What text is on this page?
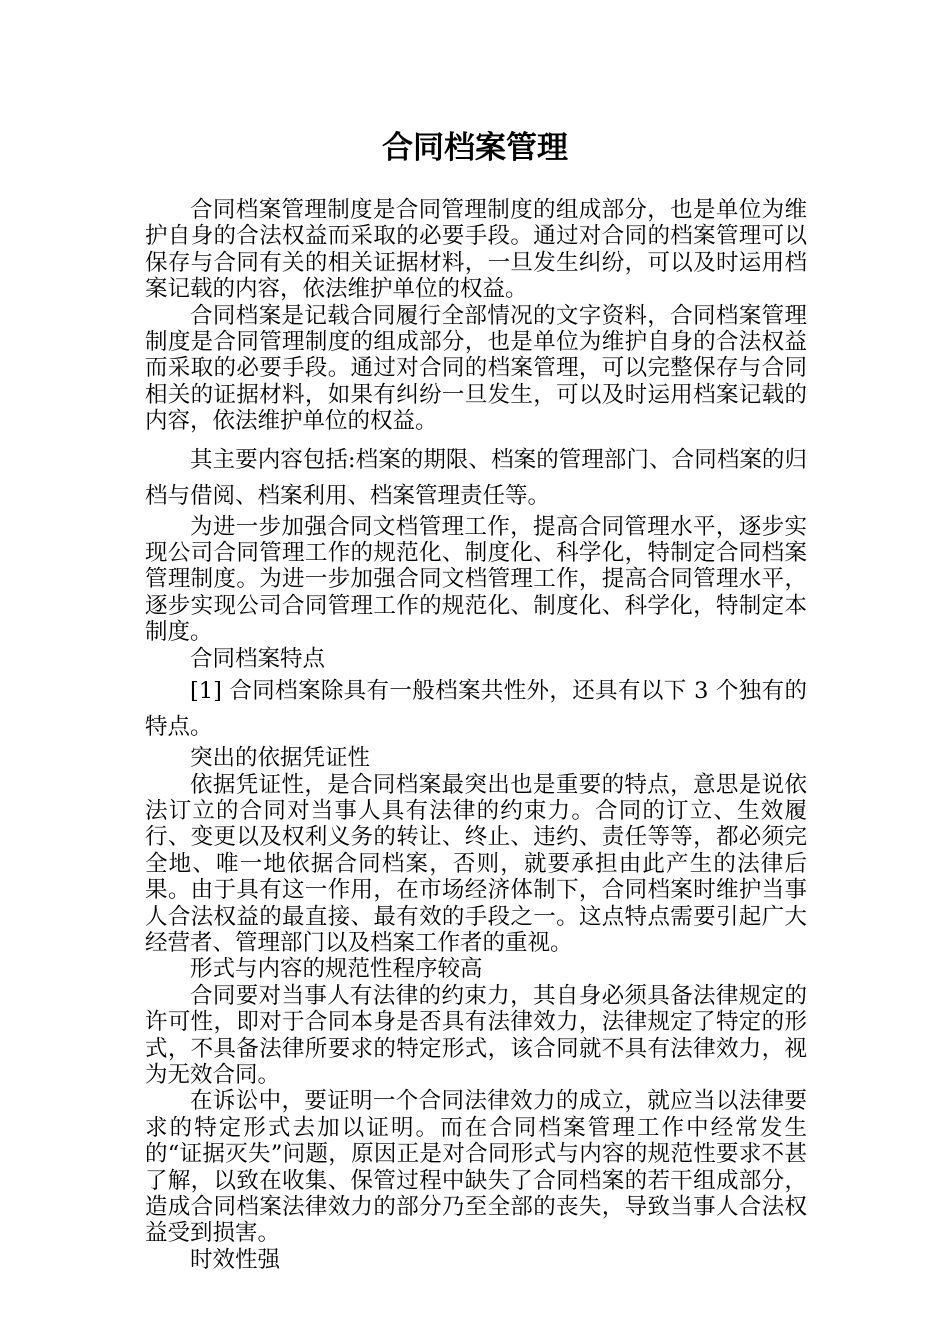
合同档案管理

合同档案管理制度是合同管理制度的组成部分，也是单位为维护自身的合法权益而采取的必要手段。通过对合同的档案管理可以保存与合同有关的相关证据材料，一旦发生纠纷，可以及时运用档案记载的内容，依法维护单位的权益。

合同档案是记载合同履行全部情况的文字资料，合同档案管理制度是合同管理制度的组成部分，也是单位为维护自身的合法权益而采取的必要手段。通过对合同的档案管理，可以完整保存与合同相关的证据材料，如果有纠纷一旦发生，可以及时运用档案记载的内容，依法维护单位的权益。

其主要内容包括:档案的期限、档案的管理部门、合同档案的归档与借阅、档案利用、档案管理责任等。

为进一步加强合同文档管理工作，提高合同管理水平，逐步实现公司合同管理工作的规范化、制度化、科学化，特制定合同档案管理制度。为进一步加强合同文档管理工作，提高合同管理水平，逐步实现公司合同管理工作的规范化、制度化、科学化，特制定本制度。

合同档案特点

[1] 合同档案除具有一般档案共性外，还具有以下 3 个独有的特点。

突出的依据凭证性

依据凭证性，是合同档案最突出也是重要的特点，意思是说依法订立的合同对当事人具有法律的约束力。合同的订立、生效履行、变更以及权利义务的转让、终止、违约、责任等等，都必须完全地、唯一地依据合同档案，否则，就要承担由此产生的法律后果。由于具有这一作用，在市场经济体制下，合同档案时维护当事人合法权益的最直接、最有效的手段之一。这点特点需要引起广大经营者、管理部门以及档案工作者的重视。

形式与内容的规范性程序较高

合同要对当事人有法律的约束力，其自身必须具备法律规定的许可性，即对于合同本身是否具有法律效力，法律规定了特定的形式，不具备法律所要求的特定形式，该合同就不具有法律效力，视为无效合同。

在诉讼中，要证明一个合同法律效力的成立，就应当以法律要求的特定形式去加以证明。而在合同档案管理工作中经常发生的“证据灭失”问题，原因正是对合同形式与内容的规范性要求不甚了解，以致在收集、保管过程中缺失了合同档案的若干组成部分，造成合同档案法律效力的部分乃至全部的丧失，导致当事人合法权益受到损害。

时效性强
